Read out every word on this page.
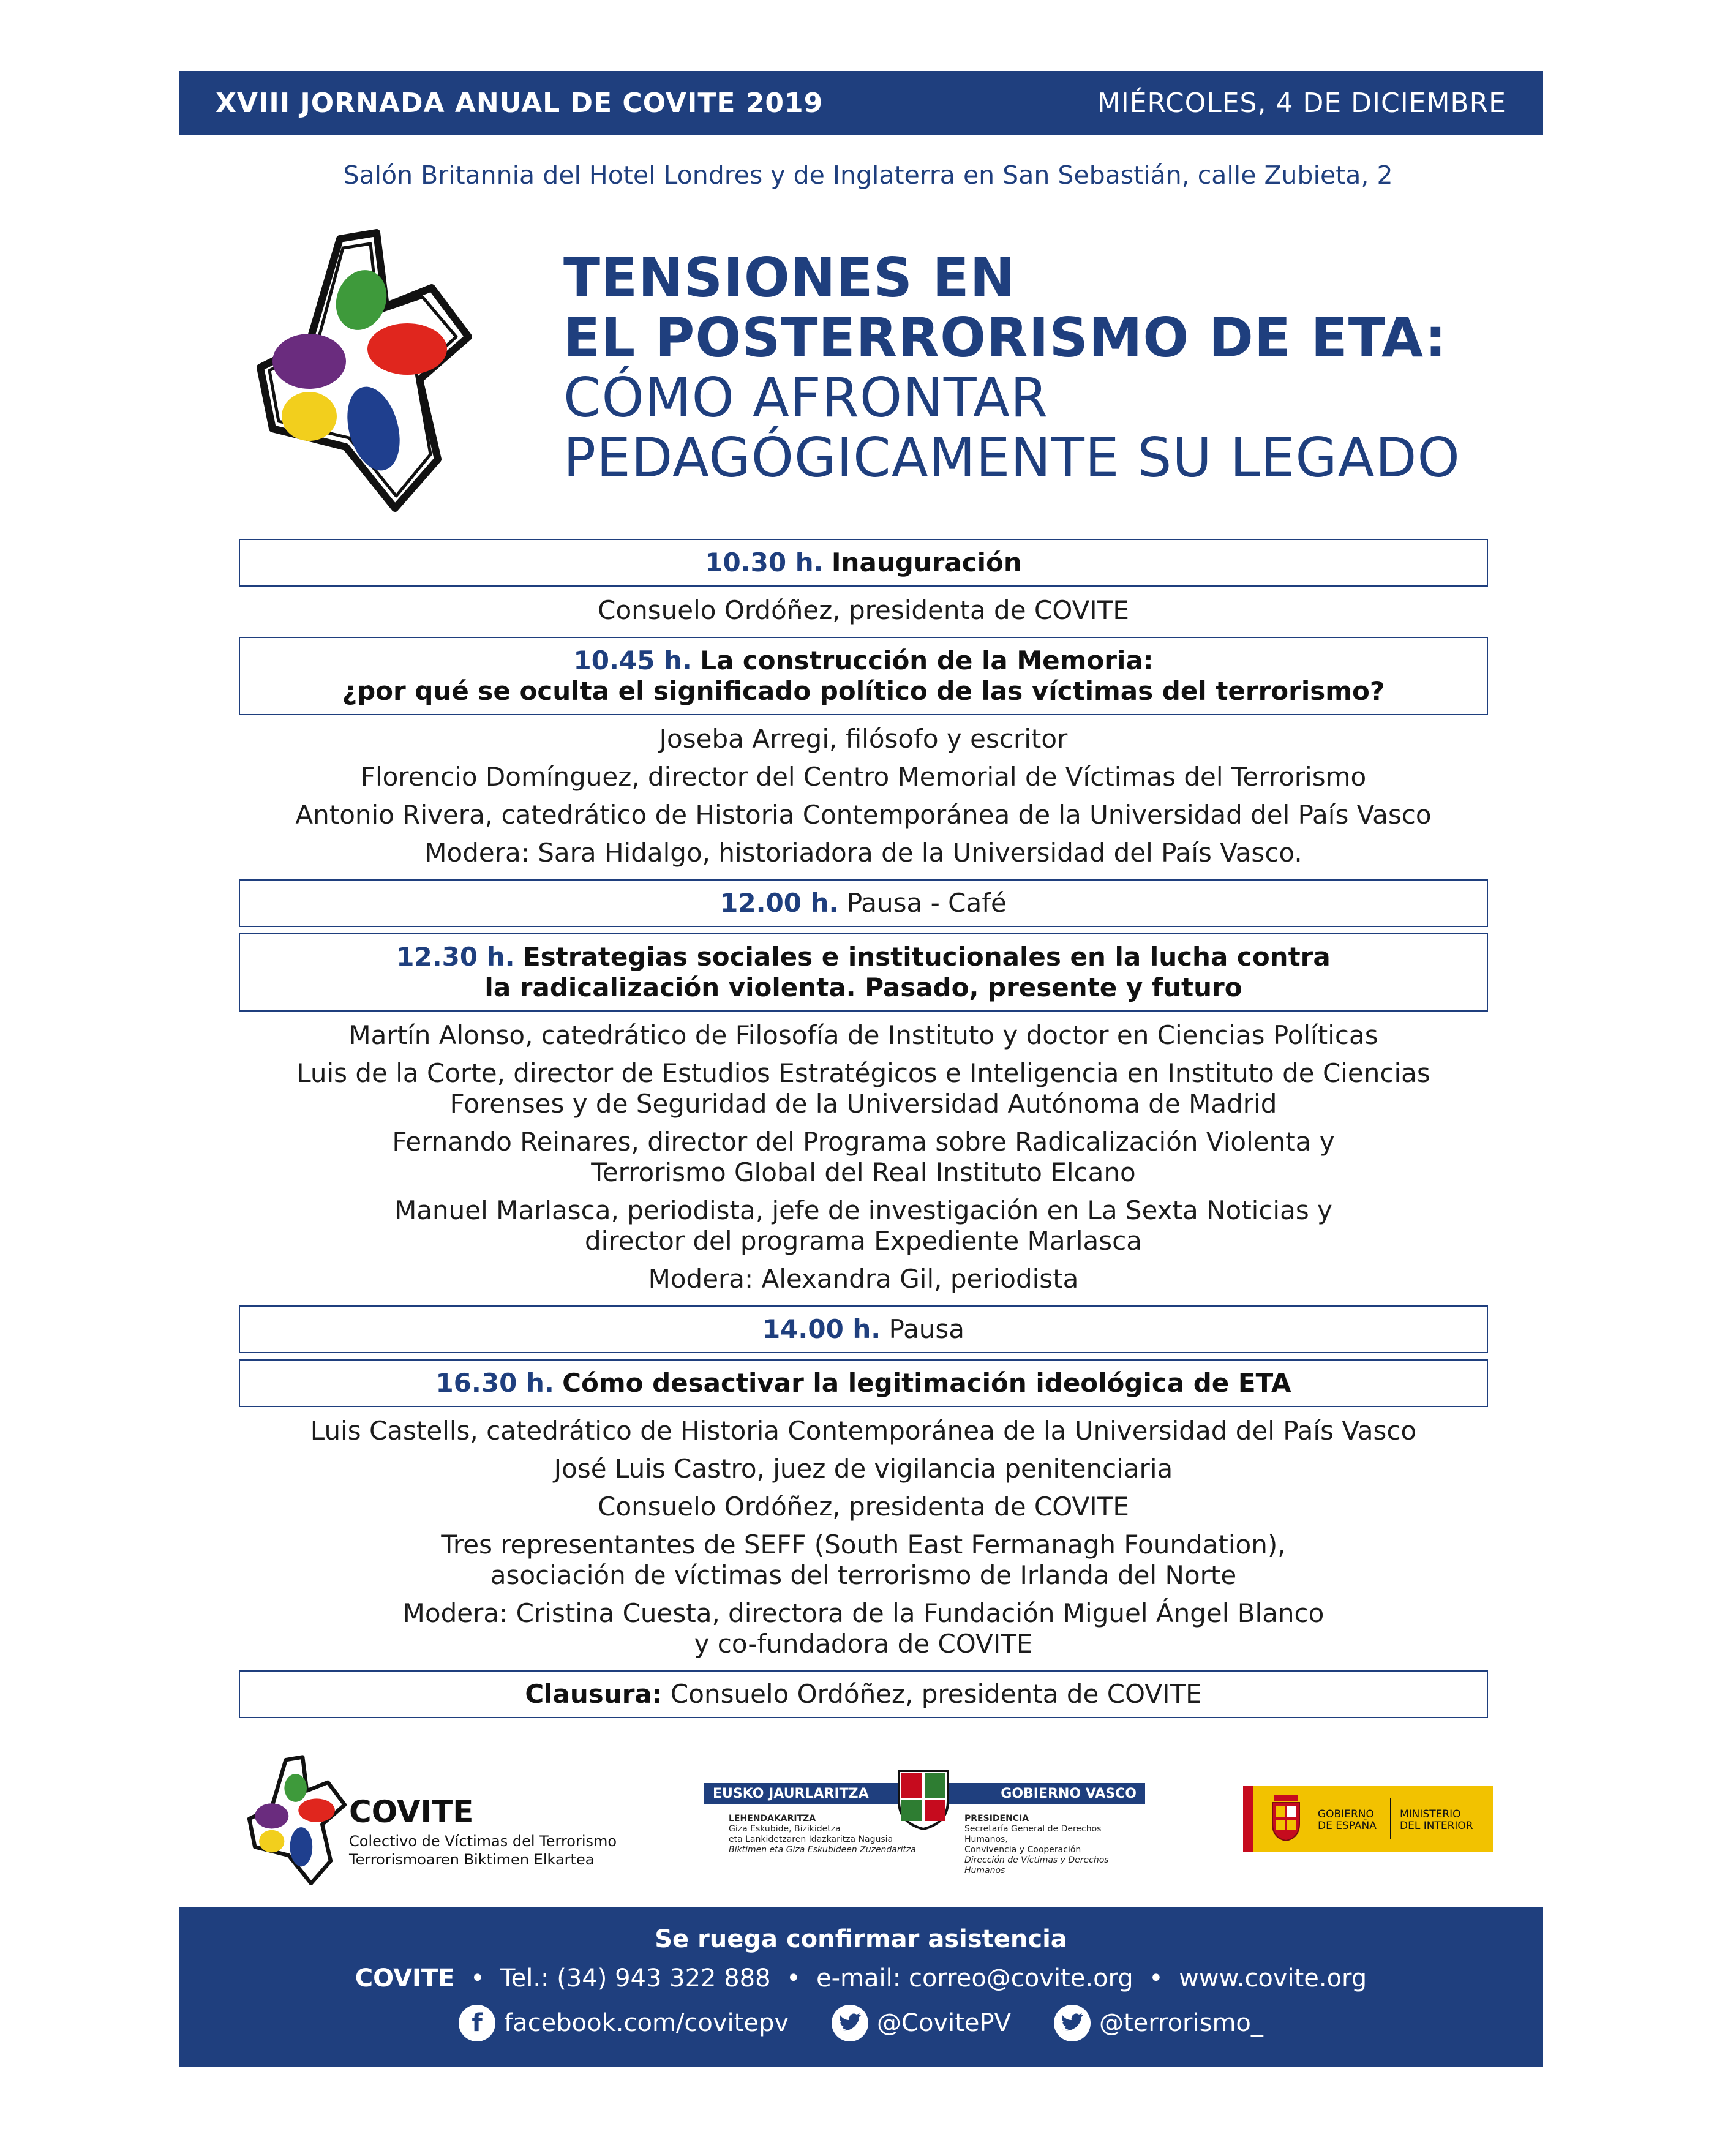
XVIII JORNADA ANUAL DE COVITE 2019	MIÉRCOLES, 4 DE DICIEMBRE
Salón Britannia del Hotel Londres y de Inglaterra en San Sebastián, calle Zubieta, 2
TENSIONES EN
EL POSTERRORISMO DE ETA:
CÓMO AFRONTAR
PEDAGÓGICAMENTE SU LEGADO
10.30 h. Inauguración
Consuelo Ordóñez, presidenta de COVITE
10.45 h. La construcción de la Memoria:
¿por qué se oculta el significado político de las víctimas del terrorismo?
Joseba Arregi, filósofo y escritor
Florencio Domínguez, director del Centro Memorial de Víctimas del Terrorismo
Antonio Rivera, catedrático de Historia Contemporánea de la Universidad del País Vasco
Modera: Sara Hidalgo, historiadora de la Universidad del País Vasco.
12.00 h. Pausa - Café
12.30 h. Estrategias sociales e institucionales en la lucha contra
la radicalización violenta. Pasado, presente y futuro
Martín Alonso, catedrático de Filosofía de Instituto y doctor en Ciencias Políticas
Luis de la Corte, director de Estudios Estratégicos e Inteligencia en Instituto de Ciencias
Forenses y de Seguridad de la Universidad Autónoma de Madrid
Fernando Reinares, director del Programa sobre Radicalización Violenta y
Terrorismo Global del Real Instituto Elcano
Manuel Marlasca, periodista, jefe de investigación en La Sexta Noticias y
director del programa Expediente Marlasca
Modera: Alexandra Gil, periodista
14.00 h. Pausa
16.30 h. Cómo desactivar la legitimación ideológica de ETA
Luis Castells, catedrático de Historia Contemporánea de la Universidad del País Vasco
José Luis Castro, juez de vigilancia penitenciaria
Consuelo Ordóñez, presidenta de COVITE
Tres representantes de SEFF (South East Fermanagh Foundation),
asociación de víctimas del terrorismo de Irlanda del Norte
Modera: Cristina Cuesta, directora de la Fundación Miguel Ángel Blanco
y co-fundadora de COVITE
Clausura: Consuelo Ordóñez, presidenta de COVITE
COVITE
Colectivo de Víctimas del Terrorismo
Terrorismoaren Biktimen Elkartea
EUSKO JAURLARITZA	GOBIERNO VASCO
LEHENDAKARITZA
Giza Eskubide, Bizikidetza
eta Lankidetzaren Idazkaritza Nagusia
Biktimen eta Giza Eskubideen Zuzendaritza
PRESIDENCIA
Secretaría General de Derechos Humanos,
Convivencia y Cooperación
Dirección de Víctimas y Derechos Humanos
GOBIERNO
DE ESPAÑA
MINISTERIO
DEL INTERIOR
Se ruega confirmar asistencia
COVITE  •  Tel.: (34) 943 322 888  •  e-mail: correo@covite.org  •  www.covite.org
f facebook.com/covitepv	@CovitePV	@terrorismo_
